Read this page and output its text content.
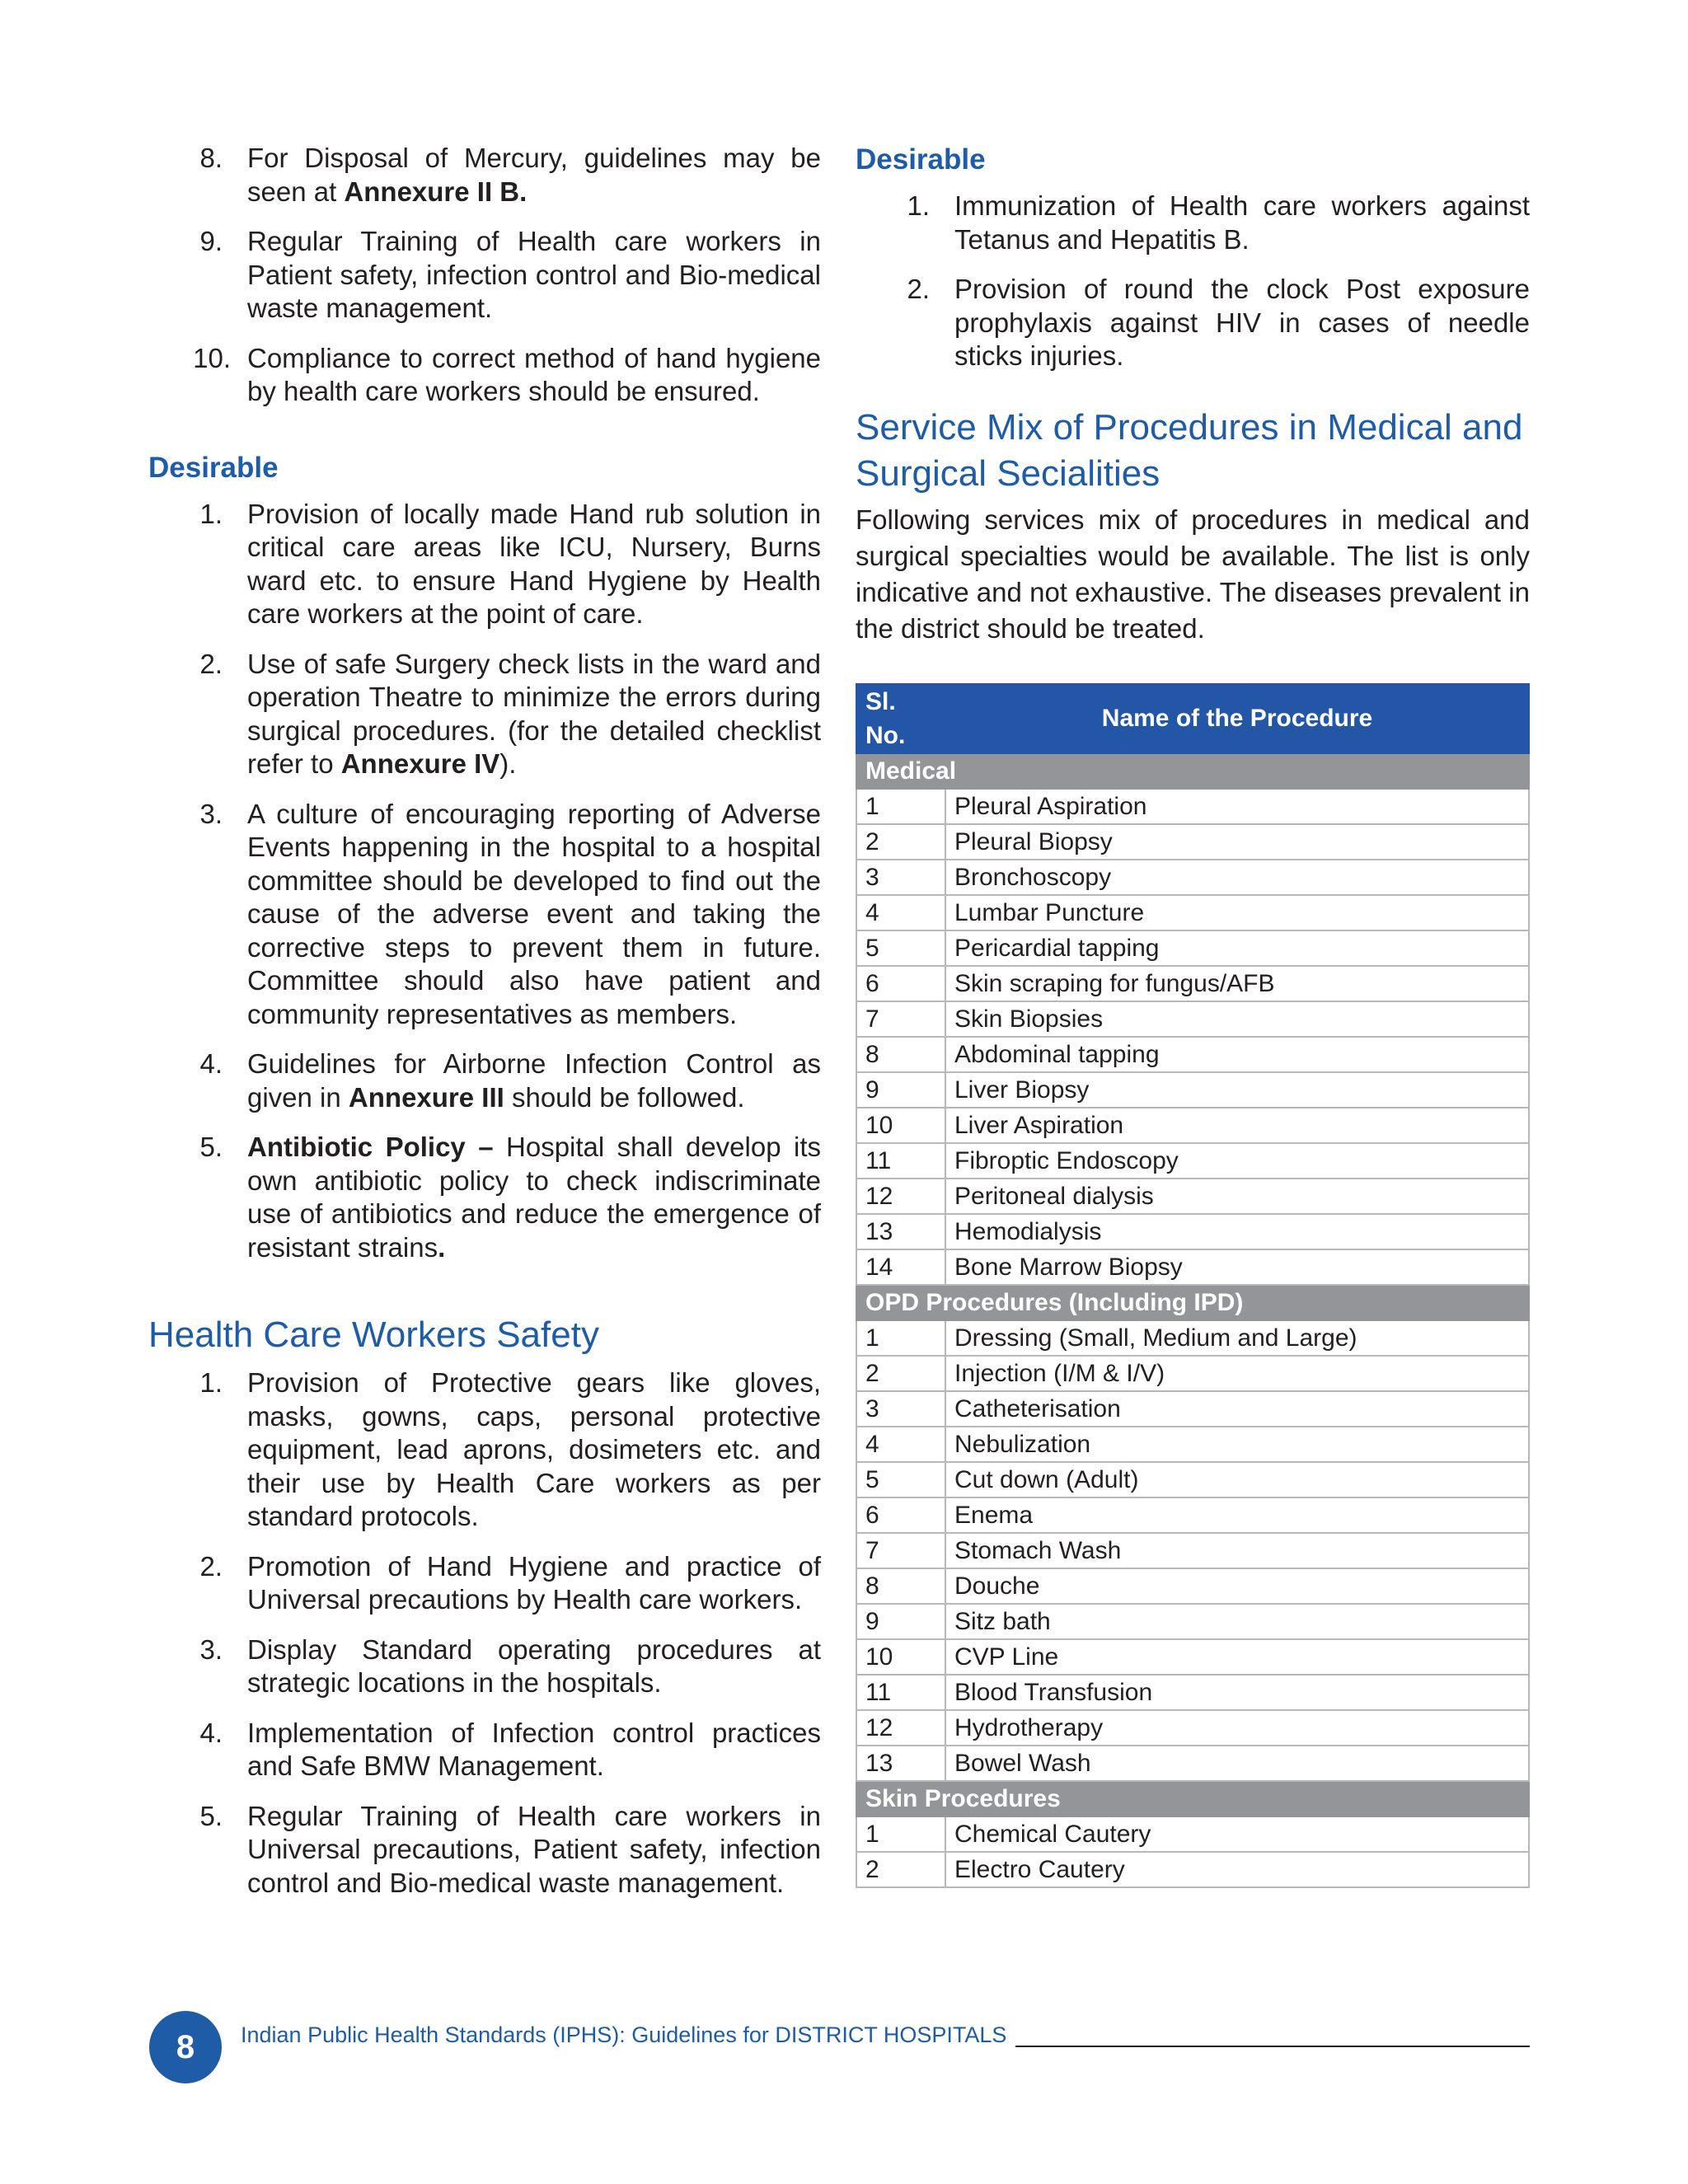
8. For Disposal of Mercury, guidelines may be seen at Annexure II B.
9. Regular Training of Health care workers in Patient safety, infection control and Bio-medical waste management.
10. Compliance to correct method of hand hygiene by health care workers should be ensured.
Desirable
1. Provision of locally made Hand rub solution in critical care areas like ICU, Nursery, Burns ward etc. to ensure Hand Hygiene by Health care workers at the point of care.
2. Use of safe Surgery check lists in the ward and operation Theatre to minimize the errors during surgical procedures. (for the detailed checklist refer to Annexure IV).
3. A culture of encouraging reporting of Adverse Events happening in the hospital to a hospital committee should be developed to find out the cause of the adverse event and taking the corrective steps to prevent them in future. Committee should also have patient and community representatives as members.
4. Guidelines for Airborne Infection Control as given in Annexure III should be followed.
5. Antibiotic Policy – Hospital shall develop its own antibiotic policy to check indiscriminate use of antibiotics and reduce the emergence of resistant strains.
Health Care Workers Safety
1. Provision of Protective gears like gloves, masks, gowns, caps, personal protective equipment, lead aprons, dosimeters etc. and their use by Health Care workers as per standard protocols.
2. Promotion of Hand Hygiene and practice of Universal precautions by Health care workers.
3. Display Standard operating procedures at strategic locations in the hospitals.
4. Implementation of Infection control practices and Safe BMW Management.
5. Regular Training of Health care workers in Universal precautions, Patient safety, infection control and Bio-medical waste management.
Desirable
1. Immunization of Health care workers against Tetanus and Hepatitis B.
2. Provision of round the clock Post exposure prophylaxis against HIV in cases of needle sticks injuries.
Service Mix of Procedures in Medical and Surgical Secialities

Following services mix of procedures in medical and surgical specialties would be available. The list is only indicative and not exhaustive. The diseases prevalent in the district should be treated.

Sl. No.	Name of the Procedure
Medical	
1	Pleural Aspiration
2	Pleural Biopsy
3	Bronchoscopy
4	Lumbar Puncture
5	Pericardial tapping
6	Skin scraping for fungus/AFB
7	Skin Biopsies
8	Abdominal tapping
9	Liver Biopsy
10	Liver Aspiration
11	Fibroptic Endoscopy
12	Peritoneal dialysis
13	Hemodialysis
14	Bone Marrow Biopsy
OPD Procedures (Including IPD)	
1	Dressing (Small, Medium and Large)
2	Injection (I/M & I/V)
3	Catheterisation
4	Nebulization
5	Cut down (Adult)
6	Enema
7	Stomach Wash
8	Douche
9	Sitz bath
10	CVP Line
11	Blood Transfusion
12	Hydrotherapy
13	Bowel Wash
Skin Procedures	
1	Chemical Cautery
2	Electro Cautery
8	Indian Public Health Standards (IPHS): Guidelines for DISTRICT HOSPITALS
